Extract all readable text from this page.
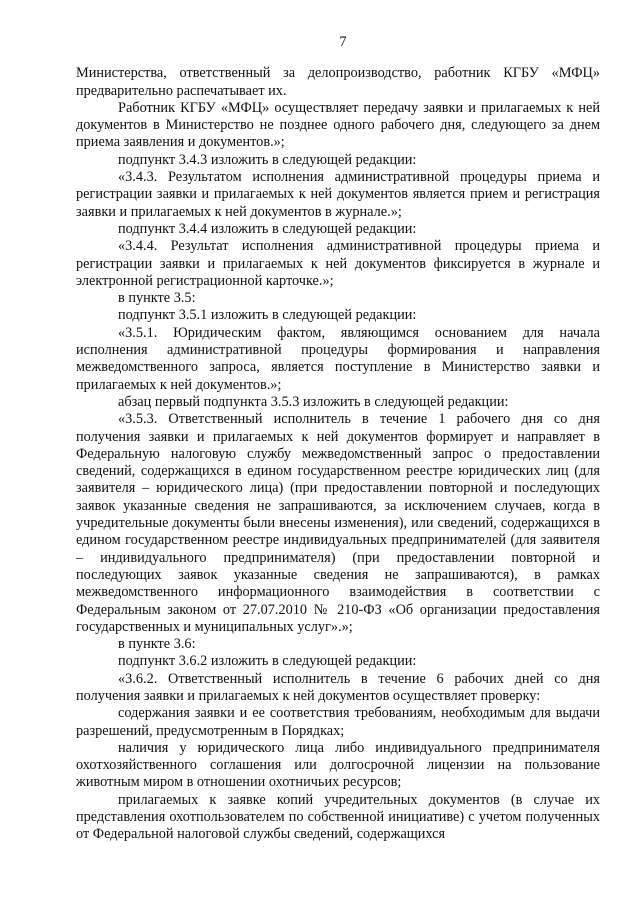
7

Министерства, ответственный за делопроизводство, работник КГБУ «МФЦ» предварительно распечатывает их.

Работник КГБУ «МФЦ» осуществляет передачу заявки и прилагаемых к ней документов в Министерство не позднее одного рабочего дня, следующего за днем приема заявления и документов.»;

подпункт 3.4.3 изложить в следующей редакции:

«3.4.3. Результатом исполнения административной процедуры приема и регистрации заявки и прилагаемых к ней документов является прием и регистрация заявки и прилагаемых к ней документов в журнале.»;

подпункт 3.4.4 изложить в следующей редакции:

«3.4.4. Результат исполнения административной процедуры приема и регистрации заявки и прилагаемых к ней документов фиксируется в журнале и электронной регистрационной карточке.»;

в пункте 3.5:

подпункт 3.5.1 изложить в следующей редакции:

«3.5.1. Юридическим фактом, являющимся основанием для начала исполнения административной процедуры формирования и направления межведомственного запроса, является поступление в Министерство заявки и прилагаемых к ней документов.»;

абзац первый подпункта 3.5.3 изложить в следующей редакции:

«3.5.3. Ответственный исполнитель в течение 1 рабочего дня со дня получения заявки и прилагаемых к ней документов формирует и направляет в Федеральную налоговую службу межведомственный запрос о предоставлении сведений, содержащихся в едином государственном реестре юридических лиц (для заявителя – юридического лица) (при предоставлении повторной и последующих заявок указанные сведения не запрашиваются, за исключением случаев, когда в учредительные документы были внесены изменения), или сведений, содержащихся в едином государственном реестре индивидуальных предпринимателей (для заявителя – индивидуального предпринимателя) (при предоставлении повторной и последующих заявок указанные сведения не запрашиваются), в рамках межведомственного информационного взаимодействия в соответствии с Федеральным законом от 27.07.2010 № 210-ФЗ «Об организации предоставления государственных и муниципальных услуг».»;

в пункте 3.6:

подпункт 3.6.2 изложить в следующей редакции:

«3.6.2. Ответственный исполнитель в течение 6 рабочих дней со дня получения заявки и прилагаемых к ней документов осуществляет проверку:

содержания заявки и ее соответствия требованиям, необходимым для выдачи разрешений, предусмотренным в Порядках;

наличия у юридического лица либо индивидуального предпринимателя охотхозяйственного соглашения или долгосрочной лицензии на пользование животным миром в отношении охотничьих ресурсов;

прилагаемых к заявке копий учредительных документов (в случае их представления охотпользователем по собственной инициативе) с учетом полученных от Федеральной налоговой службы сведений, содержащихся
